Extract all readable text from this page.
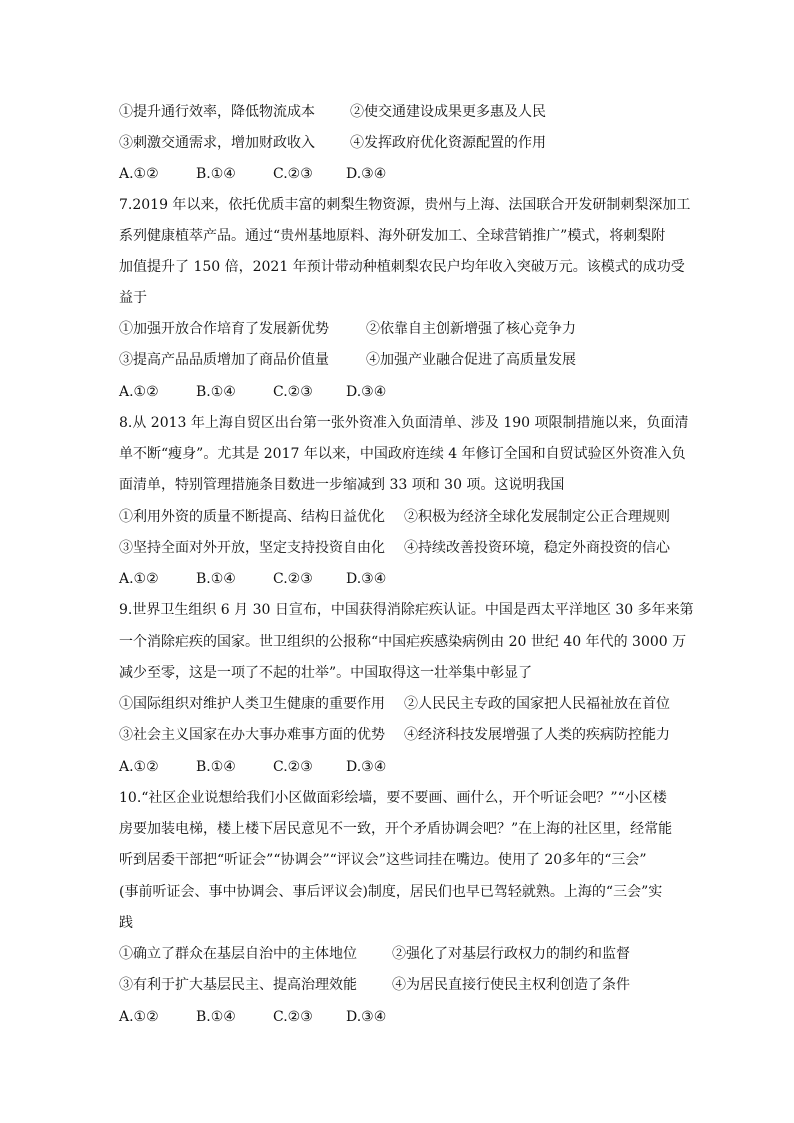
①提升通行效率，降低物流成本	②使交通建设成果更多惠及人民
③刺激交通需求，增加财政收入	④发挥政府优化资源配置的作用
A.①②	B.①④	C.②③ D.③④
7.2019 年以来，依托优质丰富的刺梨生物资源，贵州与上海、法国联合开发研制刺梨深加工
系列健康植萃产品。通过“贵州基地原料、海外研发加工、全球营销推广”模式，将刺梨附
加值提升了 150 倍，2021 年预计带动种植刺梨农民户均年收入突破万元。该模式的成功受
益于
①加强开放合作培育了发展新优势	②依靠自主创新增强了核心竞争力
③提高产品品质增加了商品价值量	④加强产业融合促进了高质量发展
A.①②	B.①④	C.②③ D.③④
8.从 2013 年上海自贸区出台第一张外资准入负面清单、涉及 190 项限制措施以来，负面清
单不断“瘦身”。尤其是 2017 年以来，中国政府连续 4 年修订全国和自贸试验区外资准入负
面清单，特别管理措施条目数进一步缩减到 33 项和 30 项。这说明我国
①利用外资的质量不断提高、结构日益优化 ②积极为经济全球化发展制定公正合理规则
③坚持全面对外开放，坚定支持投资自由化 ④持续改善投资环境，稳定外商投资的信心
A.①②	B.①④	C.②③ D.③④
9.世界卫生组织 6 月 30 日宣布，中国获得消除疟疾认证。中国是西太平洋地区 30 多年来第
一个消除疟疾的国家。世卫组织的公报称“中国疟疾感染病例由 20 世纪 40 年代的 3000 万
减少至零，这是一项了不起的壮举”。中国取得这一壮举集中彰显了
①国际组织对维护人类卫生健康的重要作用 ②人民民主专政的国家把人民福祉放在首位
③社会主义国家在办大事办难事方面的优势 ④经济科技发展增强了人类的疾病防控能力
A.①②	B.①④	C.②③ D.③④
10.“社区企业说想给我们小区做面彩绘墙，要不要画、画什么，开个听证会吧？”“小区楼
房要加装电梯，楼上楼下居民意见不一致，开个矛盾协调会吧？”在上海的社区里，经常能
听到居委干部把“听证会”“协调会”“评议会”这些词挂在嘴边。使用了 20多年的“三会”
(事前听证会、事中协调会、事后评议会)制度，居民们也早已驾轻就熟。上海的“三会”实
践
①确立了群众在基层自治中的主体地位	②强化了对基层行政权力的制约和监督
③有利于扩大基层民主、提高治理效能	④为居民直接行使民主权利创造了条件
A.①②	B.①④	C.②③ D.③④
